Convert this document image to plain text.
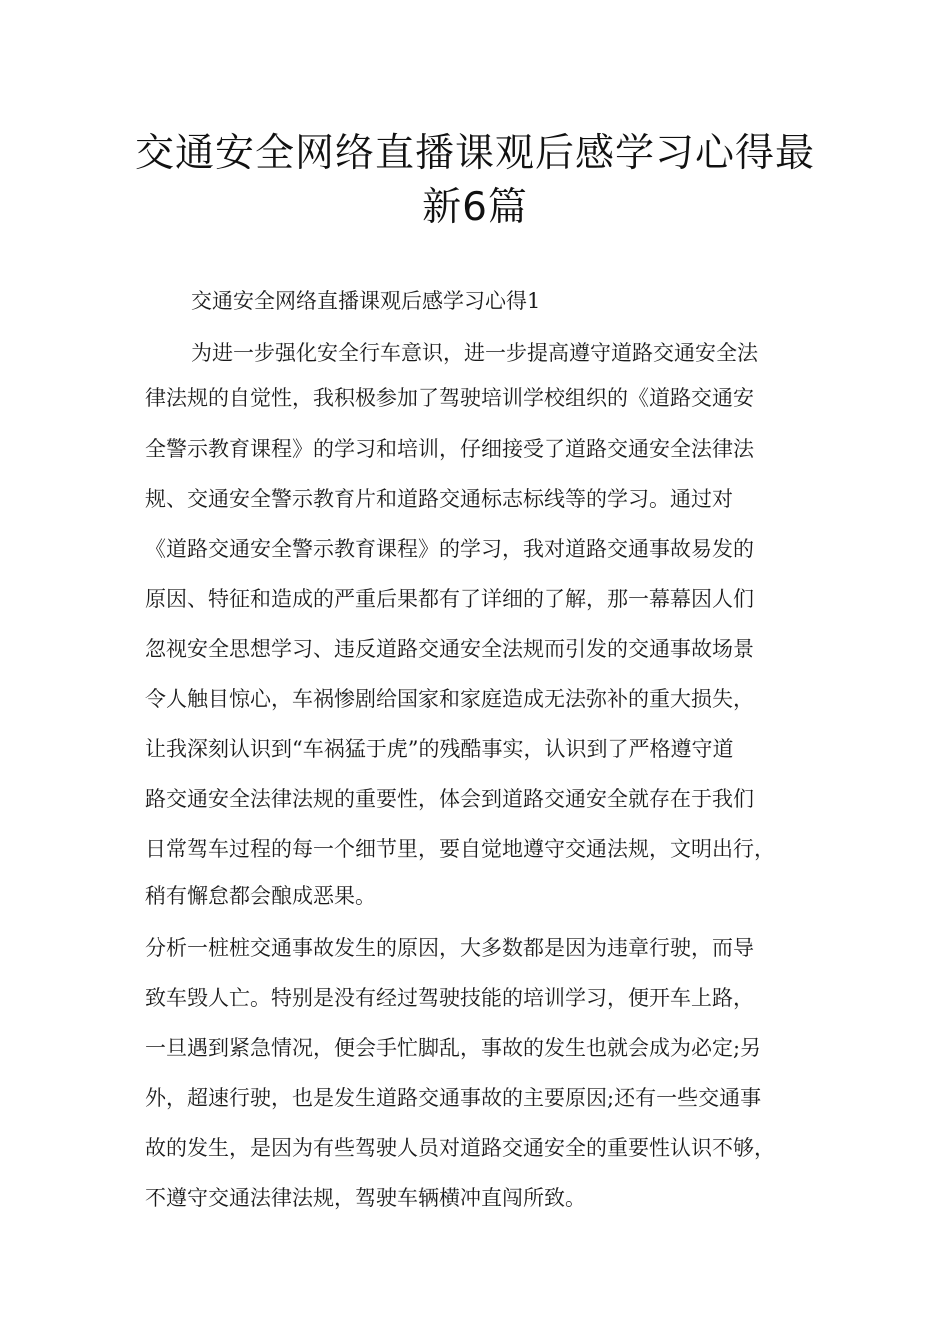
交通安全网络直播课观后感学习心得最
新6篇
交通安全网络直播课观后感学习心得1
为进一步强化安全行车意识，进一步提高遵守道路交通安全法
律法规的自觉性，我积极参加了驾驶培训学校组织的《道路交通安
全警示教育课程》的学习和培训，仔细接受了道路交通安全法律法
规、交通安全警示教育片和道路交通标志标线等的学习。通过对
《道路交通安全警示教育课程》的学习，我对道路交通事故易发的
原因、特征和造成的严重后果都有了详细的了解，那一幕幕因人们
忽视安全思想学习、违反道路交通安全法规而引发的交通事故场景
令人触目惊心，车祸惨剧给国家和家庭造成无法弥补的重大损失，
让我深刻认识到“车祸猛于虎”的残酷事实，认识到了严格遵守道
路交通安全法律法规的重要性，体会到道路交通安全就存在于我们
日常驾车过程的每一个细节里，要自觉地遵守交通法规，文明出行，
稍有懈怠都会酿成恶果。
分析一桩桩交通事故发生的原因，大多数都是因为违章行驶，而导
致车毁人亡。特别是没有经过驾驶技能的培训学习，便开车上路，
一旦遇到紧急情况，便会手忙脚乱，事故的发生也就会成为必定;另
外，超速行驶，也是发生道路交通事故的主要原因;还有一些交通事
故的发生，是因为有些驾驶人员对道路交通安全的重要性认识不够，
不遵守交通法律法规，驾驶车辆横冲直闯所致。
